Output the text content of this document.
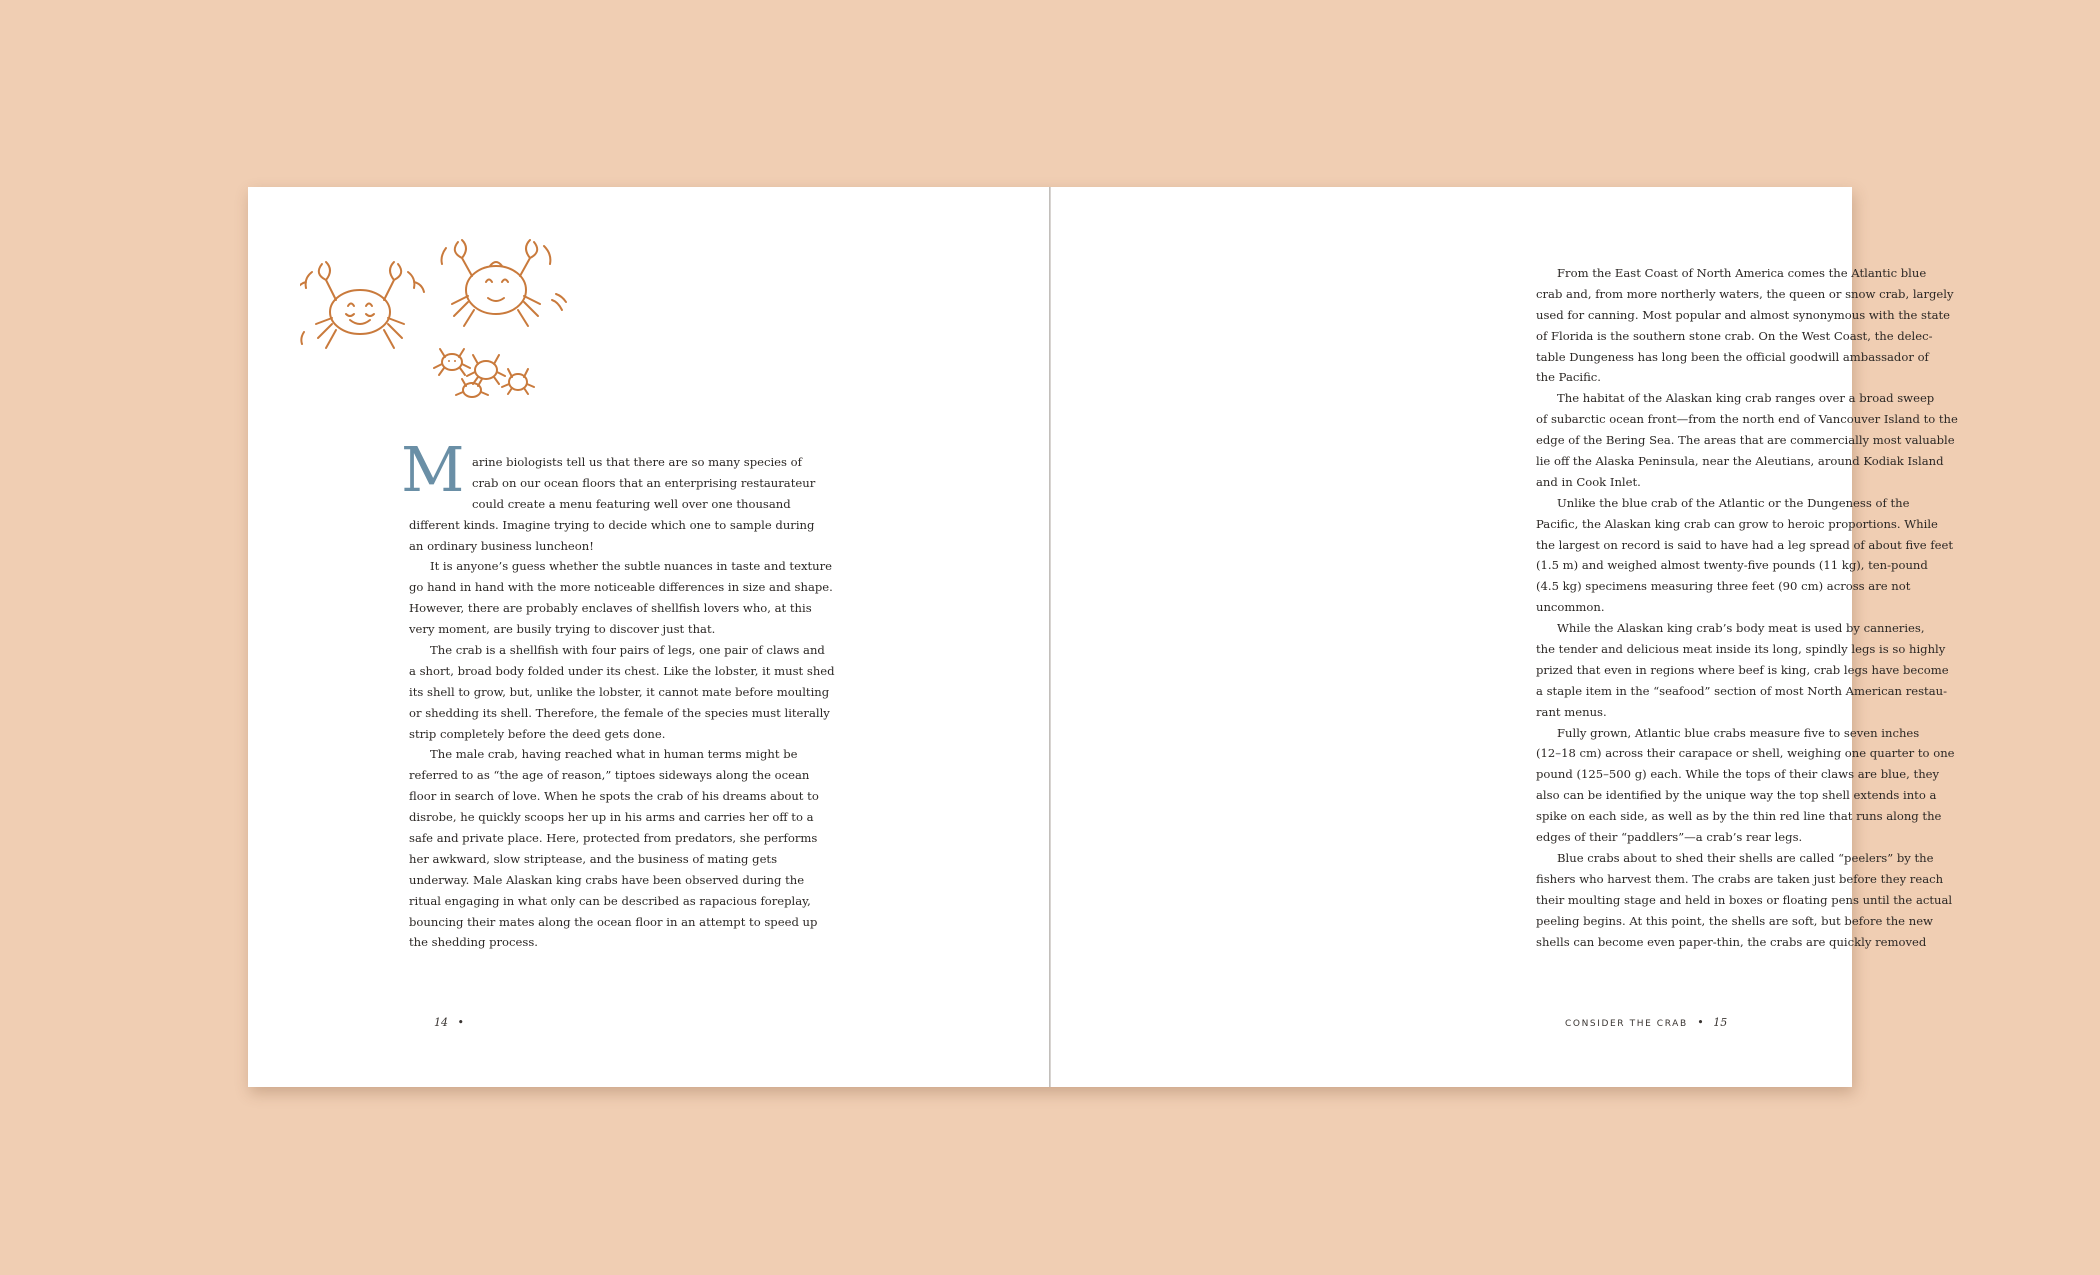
M arine biologists tell us that there are so many species of
crab on our ocean floors that an enterprising restaurateur
could create a menu featuring well over one thousand
different kinds. Imagine trying to decide which one to sample during
an ordinary business luncheon!
It is anyone’s guess whether the subtle nuances in taste and texture
go hand in hand with the more noticeable differences in size and shape.
However, there are probably enclaves of shellfish lovers who, at this
very moment, are busily trying to discover just that.
The crab is a shellfish with four pairs of legs, one pair of claws and
a short, broad body folded under its chest. Like the lobster, it must shed
its shell to grow, but, unlike the lobster, it cannot mate before moulting
or shedding its shell. Therefore, the female of the species must literally
strip completely before the deed gets done.
The male crab, having reached what in human terms might be
referred to as “the age of reason,” tiptoes sideways along the ocean
floor in search of love. When he spots the crab of his dreams about to
disrobe, he quickly scoops her up in his arms and carries her off to a
safe and private place. Here, protected from predators, she performs
her awkward, slow striptease, and the business of mating gets
underway. Male Alaskan king crabs have been observed during the
ritual engaging in what only can be described as rapacious foreplay,
bouncing their mates along the ocean floor in an attempt to speed up
the shedding process.
14 •
From the East Coast of North America comes the Atlantic blue
crab and, from more northerly waters, the queen or snow crab, largely
used for canning. Most popular and almost synonymous with the state
of Florida is the southern stone crab. On the West Coast, the delec-
table Dungeness has long been the official goodwill ambassador of
the Pacific.
The habitat of the Alaskan king crab ranges over a broad sweep
of subarctic ocean front—from the north end of Vancouver Island to the
edge of the Bering Sea. The areas that are commercially most valuable
lie off the Alaska Peninsula, near the Aleutians, around Kodiak Island
and in Cook Inlet.
Unlike the blue crab of the Atlantic or the Dungeness of the
Pacific, the Alaskan king crab can grow to heroic proportions. While
the largest on record is said to have had a leg spread of about five feet
(1.5 m) and weighed almost twenty-five pounds (11 kg), ten-pound
(4.5 kg) specimens measuring three feet (90 cm) across are not
uncommon.
While the Alaskan king crab’s body meat is used by canneries,
the tender and delicious meat inside its long, spindly legs is so highly
prized that even in regions where beef is king, crab legs have become
a staple item in the “seafood” section of most North American restau-
rant menus.
Fully grown, Atlantic blue crabs measure five to seven inches
(12–18 cm) across their carapace or shell, weighing one quarter to one
pound (125–500 g) each. While the tops of their claws are blue, they
also can be identified by the unique way the top shell extends into a
spike on each side, as well as by the thin red line that runs along the
edges of their “paddlers”—a crab’s rear legs.
Blue crabs about to shed their shells are called “peelers” by the
fishers who harvest them. The crabs are taken just before they reach
their moulting stage and held in boxes or floating pens until the actual
peeling begins. At this point, the shells are soft, but before the new
shells can become even paper-thin, the crabs are quickly removed
CONSIDER THE CRAB • 15
